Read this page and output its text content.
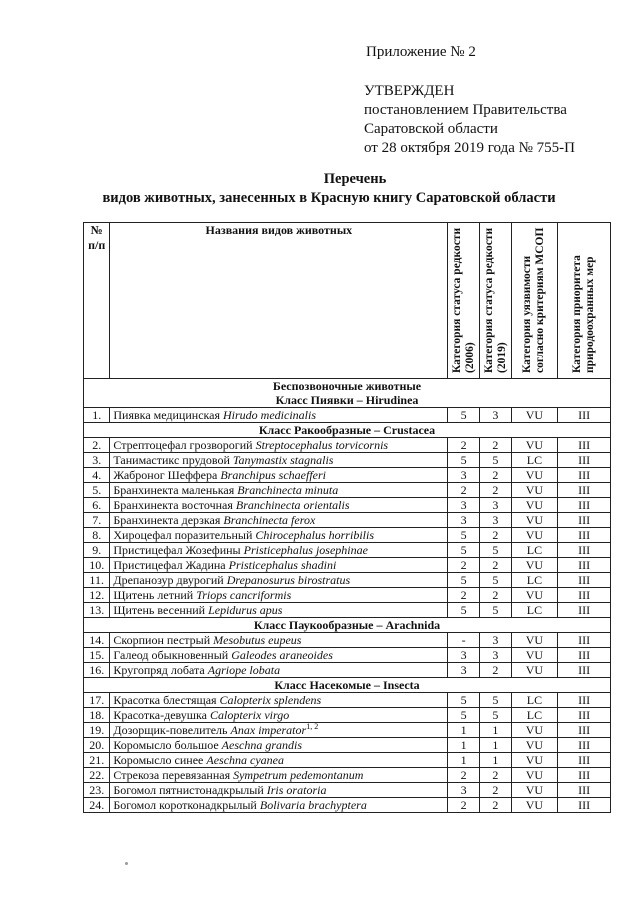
Приложение № 2
УТВЕРЖДЕН
постановлением Правительства
Саратовской области
от 28 октября 2019 года № 755-П
Перечень
видов животных, занесенных в Красную книгу Саратовской области
№ п/п	Названия видов животных	Категория статуса редкости (2006)	Категория статуса редкости (2019)	Категория уязвимости согласно критериям МСОП	Категория приоритета природоохранных мер

Беспозвоночные животные
Класс Пиявки – Hirudinea					

1.	Пиявка медицинская Hirudo medicinalis	5	3	VU	III

Класс Ракообразные – Crustacea					

2.	Стрептоцефал грозворогий Streptocephalus torvicornis	2	2	VU	III
3.	Танимастикс прудовой Tanymastix stagnalis	5	5	LC	III
4.	Жаброног Шеффера Branchipus schaefferi	3	2	VU	III
5.	Бранхинекта маленькая Branchinecta minuta	2	2	VU	III
6.	Бранхинекта восточная Branchinecta orientalis	3	3	VU	III
7.	Бранхинекта дерзкая Branchinecta ferox	3	3	VU	III
8.	Хироцефал поразительный Chirocephalus horribilis	5	2	VU	III
9.	Пристицефал Жозефины Pristicephalus josephinae	5	5	LC	III
10.	Пристицефал Жадина Pristicephalus shadini	2	2	VU	III
11.	Дрепанозур двурогий Drepanosurus birostratus	5	5	LC	III
12.	Щитень летний Triops cancriformis	2	2	VU	III
13.	Щитень весенний Lepidurus apus	5	5	LC	III

Класс Паукообразные – Arachnida					

14.	Скорпион пестрый Mesobutus eupeus	-	3	VU	III
15.	Галеод обыкновенный Galeodes araneoides	3	3	VU	III
16.	Кругопряд лобата Agriope lobata	3	2	VU	III

Класс Насекомые – Insecta					

17.	Красотка блестящая Calopterix splendens	5	5	LC	III
18.	Красотка-девушка Calopterix virgo	5	5	LC	III
19.	Дозорщик-повелитель Anax imperator$^{1, 2}$	1	1	VU	III
20.	Коромысло большое Aeschna grandis	1	1	VU	III
21.	Коромысло синее Aeschna cyanea	1	1	VU	III
22.	Стрекоза перевязанная Sympetrum pedemontanum	2	2	VU	III
23.	Богомол пятнистонадкрылый Iris oratoria	3	2	VU	III
24.	Богомол коротконадкрылый Bolivaria brachyptera	2	2	VU	III
